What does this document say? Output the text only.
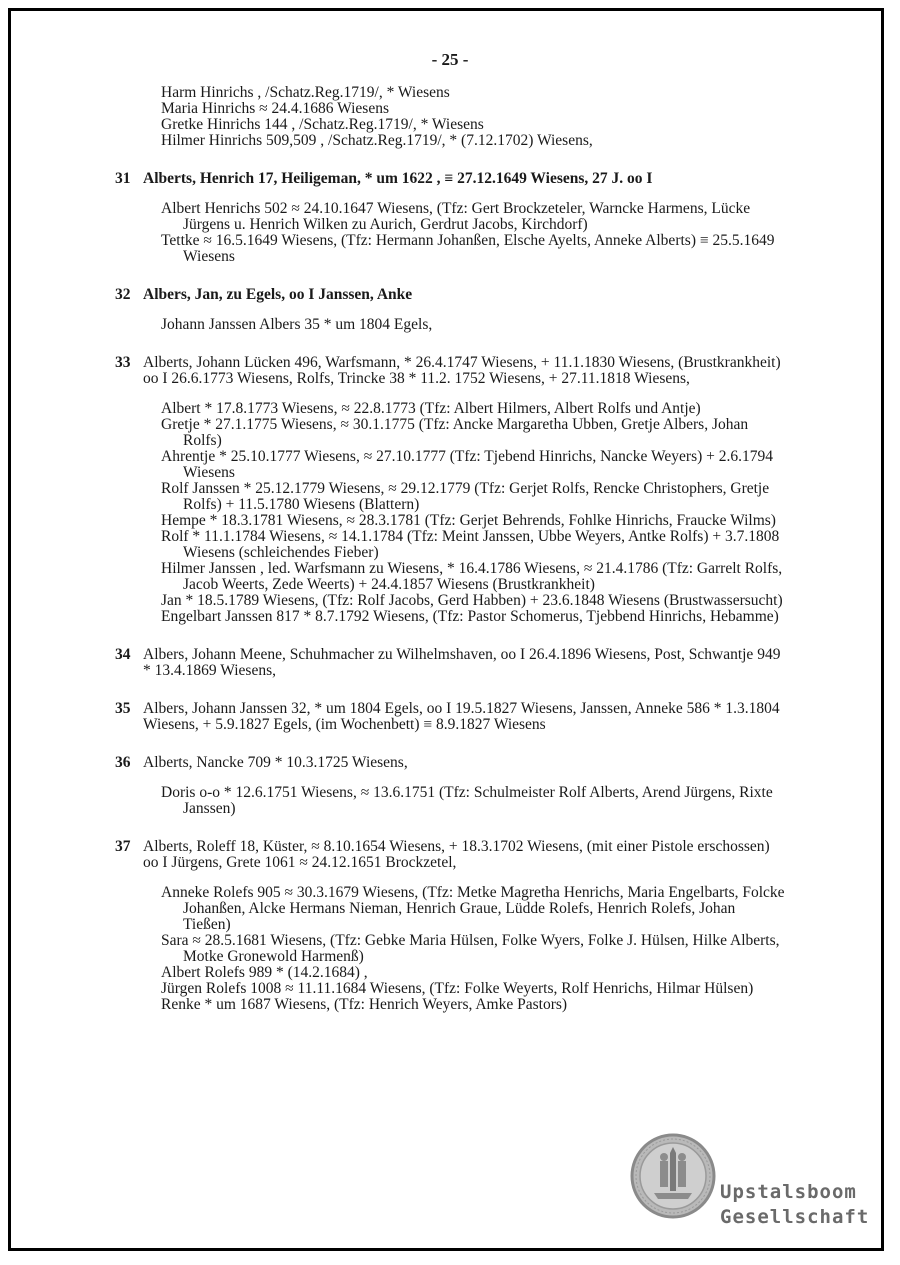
- 25 -
Harm Hinrichs , /Schatz.Reg.1719/, * Wiesens
Maria Hinrichs ≈ 24.4.1686 Wiesens
Gretke Hinrichs 144 , /Schatz.Reg.1719/, * Wiesens
Hilmer Hinrichs 509,509 , /Schatz.Reg.1719/, * (7.12.1702) Wiesens,
31 Alberts, Henrich 17, Heiligeman, * um 1622 , ≡ 27.12.1649 Wiesens, 27 J. oo I
Albert Henrichs 502 ≈ 24.10.1647 Wiesens, (Tfz: Gert Brockzeteler, Warncke Harmens, Lücke Jürgens u. Henrich Wilken zu Aurich, Gerdrut Jacobs, Kirchdorf)
Tettke ≈ 16.5.1649 Wiesens, (Tfz: Hermann Johanßen, Elsche Ayelts, Anneke Alberts) ≡ 25.5.1649 Wiesens
32 Albers, Jan, zu Egels, oo I Janssen, Anke
Johann Janssen Albers 35 * um 1804 Egels,
33 Alberts, Johann Lücken 496, Warfsmann, * 26.4.1747 Wiesens, + 11.1.1830 Wiesens, (Brustkrankheit) oo I 26.6.1773 Wiesens, Rolfs, Trincke 38 * 11.2. 1752 Wiesens, + 27.11.1818 Wiesens,
Albert * 17.8.1773 Wiesens, ≈ 22.8.1773 (Tfz: Albert Hilmers, Albert Rolfs und Antje)
Gretje * 27.1.1775 Wiesens, ≈ 30.1.1775 (Tfz: Ancke Margaretha Ubben, Gretje Albers, Johan Rolfs)
Ahrentje * 25.10.1777 Wiesens, ≈ 27.10.1777 (Tfz: Tjebend Hinrichs, Nancke Weyers) + 2.6.1794 Wiesens
Rolf Janssen * 25.12.1779 Wiesens, ≈ 29.12.1779 (Tfz: Gerjet Rolfs, Rencke Christophers, Gretje Rolfs) + 11.5.1780 Wiesens (Blattern)
Hempe * 18.3.1781 Wiesens, ≈ 28.3.1781 (Tfz: Gerjet Behrends, Fohlke Hinrichs, Fraucke Wilms)
Rolf * 11.1.1784 Wiesens, ≈ 14.1.1784 (Tfz: Meint Janssen, Ubbe Weyers, Antke Rolfs) + 3.7.1808 Wiesens (schleichendes Fieber)
Hilmer Janssen , led. Warfsmann zu Wiesens, * 16.4.1786 Wiesens, ≈ 21.4.1786 (Tfz: Garrelt Rolfs, Jacob Weerts, Zede Weerts) + 24.4.1857 Wiesens (Brustkrankheit)
Jan * 18.5.1789 Wiesens, (Tfz: Rolf Jacobs, Gerd Habben) + 23.6.1848 Wiesens (Brustwassersucht)
Engelbart Janssen 817 * 8.7.1792 Wiesens, (Tfz: Pastor Schomerus, Tjebbend Hinrichs, Hebamme)
34 Albers, Johann Meene, Schuhmacher zu Wilhelmshaven, oo I 26.4.1896 Wiesens, Post, Schwantje 949 * 13.4.1869 Wiesens,
35 Albers, Johann Janssen 32, * um 1804 Egels, oo I 19.5.1827 Wiesens, Janssen, Anneke 586 * 1.3.1804 Wiesens, + 5.9.1827 Egels, (im Wochenbett) ≡ 8.9.1827 Wiesens
36 Alberts, Nancke 709 * 10.3.1725 Wiesens,
Doris o-o * 12.6.1751 Wiesens, ≈ 13.6.1751 (Tfz: Schulmeister Rolf Alberts, Arend Jürgens, Rixte Janssen)
37 Alberts, Roleff 18, Küster, ≈ 8.10.1654 Wiesens, + 18.3.1702 Wiesens, (mit einer Pistole erschossen) oo I Jürgens, Grete 1061 ≈ 24.12.1651 Brockzetel,
Anneke Rolefs 905 ≈ 30.3.1679 Wiesens, (Tfz: Metke Magretha Henrichs, Maria Engelbarts, Folcke Johanßen, Alcke Hermans Nieman, Henrich Graue, Lüdde Rolefs, Henrich Rolefs, Johan Tießen)
Sara ≈ 28.5.1681 Wiesens, (Tfz: Gebke Maria Hülsen, Folke Wyers, Folke J. Hülsen, Hilke Alberts, Motke Gronewold Harmenß)
Albert Rolefs 989 * (14.2.1684) ,
Jürgen Rolefs 1008 ≈ 11.11.1684 Wiesens, (Tfz: Folke Weyerts, Rolf Henrichs, Hilmar Hülsen)
Renke * um 1687 Wiesens, (Tfz: Henrich Weyers, Amke Pastors)
Upstalsboom
Gesellschaft
